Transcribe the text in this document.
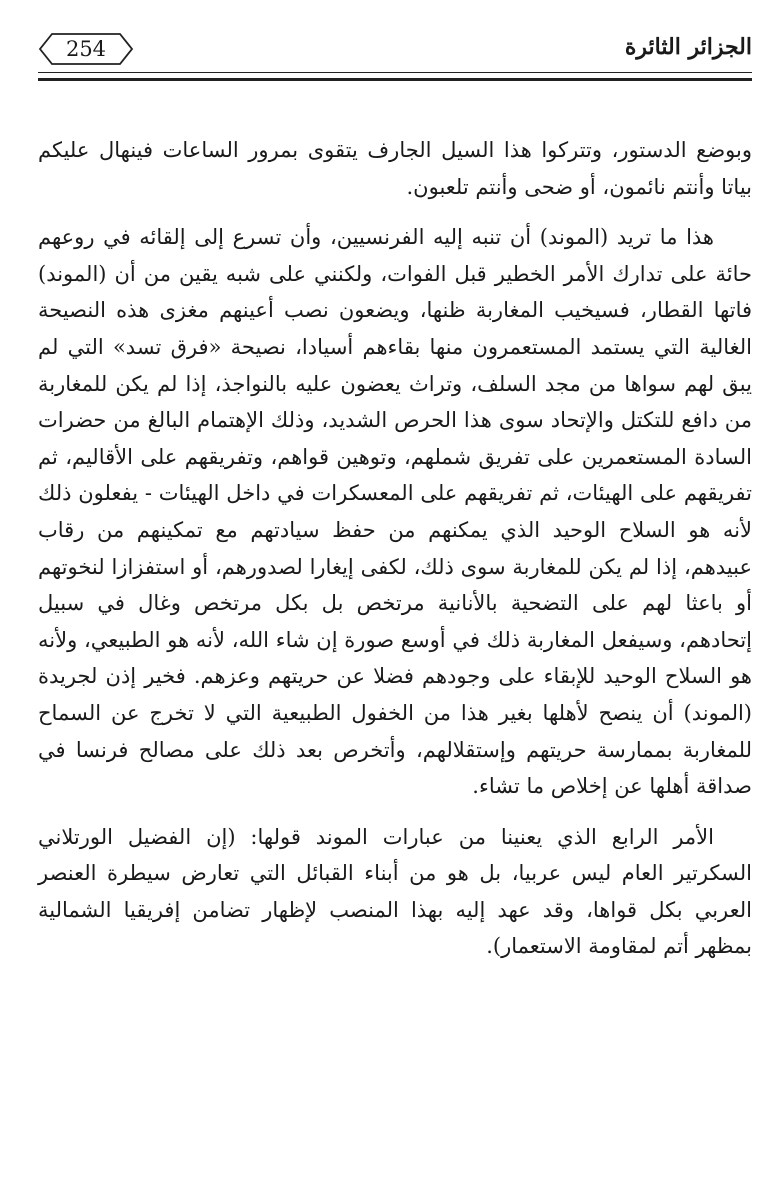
254	الجزائر الثائرة

وبوضع الدستور، وتتركوا هذا السيل الجارف يتقوى بمرور الساعات فينهال عليكم بياتا وأنتم نائمون، أو ضحى وأنتم تلعبون.

هذا ما تريد (الموند) أن تنبه إليه الفرنسيين، وأن تسرع إلى إلقائه في روعهم حائة على تدارك الأمر الخطير قبل الفوات، ولكنني على شبه يقين من أن (الموند) فاتها القطار، فسيخيب المغاربة ظنها، ويضعون نصب أعينهم مغزى هذه النصيحة الغالية التي يستمد المستعمرون منها بقاءهم أسيادا، نصيحة «فرق تسد» التي لم يبق لهم سواها من مجد السلف، وتراث يعضون عليه بالنواجذ، إذا لم يكن للمغاربة من دافع للتكتل والإتحاد سوى هذا الحرص الشديد، وذلك الإهتمام البالغ من حضرات السادة المستعمرين على تفريق شملهم، وتوهين قواهم، وتفريقهم على الأقاليم، ثم تفريقهم على الهيئات، ثم تفريقهم على المعسكرات في داخل الهيئات - يفعلون ذلك لأنه هو السلاح الوحيد الذي يمكنهم من حفظ سيادتهم مع تمكينهم من رقاب عبيدهم، إذا لم يكن للمغاربة سوى ذلك، لكفى إيغارا لصدورهم، أو استفزازا لنخوتهم أو باعثا لهم على التضحية بالأنانية مرتخص بل بكل مرتخص وغال في سبيل إتحادهم، وسيفعل المغاربة ذلك في أوسع صورة إن شاء الله، لأنه هو الطبيعي، ولأنه هو السلاح الوحيد للإبقاء على وجودهم فضلا عن حريتهم وعزهم. فخير إذن لجريدة (الموند) أن ينصح لأهلها بغير هذا من الخفول الطبيعية التي لا تخرج عن السماح للمغاربة بممارسة حريتهم وإستقلالهم، وأتخرص بعد ذلك على مصالح فرنسا في صداقة أهلها عن إخلاص ما تشاء.

الأمر الرابع الذي يعنينا من عبارات الموند قولها: (إن الفضيل الورتلاني السكرتير العام ليس عربيا، بل هو من أبناء القبائل التي تعارض سيطرة العنصر العربي بكل قواها، وقد عهد إليه بهذا المنصب لإظهار تضامن إفريقيا الشمالية بمظهر أتم لمقاومة الاستعمار).
